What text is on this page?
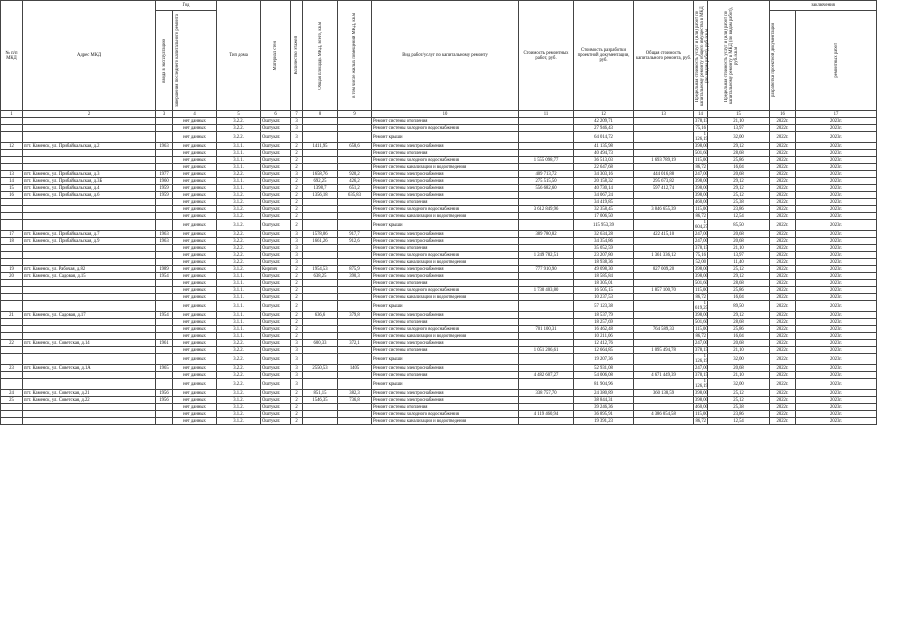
№ п/п МКД	Адрес МКД	Год		Тип дома	Материал стен	Количество этажей	Общая площадь МКД, всего, кв.м	в том числе жилых помещений МКД, кв.м	Вид работ/услуг по капитальному ремонту	Стоимость ремонтных работ, руб.	Стоимость разработки проектной документации, руб.	Общая стоимость капитального ремонта, руб.	Предельная стоимость услуг и (или) работ по капитальному ремонту общего имущества в МКД (по видам работ), руб./кв.м	Предельная стоимость услуг и (или) работ по капитальному ремонту в МКД (по видам работ), руб./кв.м	заключения	

		ввода в эксплуатацию	завершения последнего капитального ремонта												разработки проектной документации	ремонтных работ

1	2	3	4	5	6	7	8	9	10	11	12	13	14	15	16	17
			нет данных	3.2.2.	Оштукат.	3			Ремонт системы отопления		42 209,71		378,15	21,10	2022г.	2023г.
			нет данных	3.2.2.	Оштукат.	3			Ремонт системы холодного водоснабжения		27 946,43		75,16	13,97	2022г.	2023г.
			нет данных	3.2.2.	Оштукат.	3			Ремонт крыши		64 014,72		1 126,19	32,00	2022г.	2023г.
12	пгт. Каменск, ул. Прибайкальская, д.2	1963	нет данных	3.1.1.	Оштукат.	2	1411,95	658,6	Ремонт системы электроснабжения		41 135,98		398,00	29,12	2022г.	2023г.
			нет данных	3.1.1.	Оштукат.	2			Ремонт системы отопления		40 494,73		501,60	28,68	2022г.	2023г.
			нет данных	3.1.1.	Оштукат.	2			Ремонт системы холодного водоснабжения	1 555 098,77	36 513,03	1 693 789,19	115,00	25,86	2022г.	2023г.
			нет данных	3.1.1.	Оштукат.	2			Ремонт системы канализации и водоотведения		22 647,68		86,72	16,04	2022г.	2023г.
13	пгт. Каменск, ул. Прибайкальская, д.3	1977	нет данных	3.2.2.	Оштукат.	3	1658,76	920,2	Ремонт системы электроснабжения	409 713,72	34 303,16	444 016,88	247,00	20,68	2022г.	2023г.
14	пгт. Каменск, ул. Прибайкальская, д.3Б	1960	нет данных	3.1.1.	Оштукат.	2	692,25	426,2	Ремонт системы электроснабжения	275 515,50	20 158,32	295 673,82	398,00	29,12	2022г.	2023г.
15	пгт. Каменск, ул. Прибайкальская, д.4	1959	нет данных	3.1.1.	Оштукат.	2	1398,7	651,2	Ремонт системы электроснабжения	556 682,60	40 730,14	597 412,74	398,00	29,12	2022г.	2023г.
16	пгт. Каменск, ул. Прибайкальская, д.6	1959	нет данных	3.1.2.	Оштукат.	2	1356,18	635,83	Ремонт системы электроснабжения		34 067,24		398,00	25,12	2022г.	2023г.
			нет данных	3.1.2.	Оштукат.	2			Ремонт системы отопления		34 419,85		460,00	25,38	2022г.	2023г.
			нет данных	3.1.2.	Оштукат.	2			Ремонт системы холодного водоснабжения	3 612 849,96	32 358,45	3 846 655,39	115,00	23,86	2022г.	2023г.
			нет данных	3.1.2.	Оштукат.	2			Ремонт системы канализации и водоотведения		17 006,50		86,72	12,54	2022г.	2023г.
			нет данных	3.1.2.	Оштукат.	2			Ремонт крыши		115 953,39		1 604,27	85,50	2022г.	2023г.
17	пгт. Каменск, ул. Прибайкальская, д.7	1963	нет данных	3.2.2.	Оштукат.	3	1578,06	917,7	Ремонт системы электроснабжения	389 780,82	32 634,28	422 415,10	247,00	20,68	2022г.	2023г.
18	пгт. Каменск, ул. Прибайкальская, д.9	1963	нет данных	3.2.2.	Оштукат.	3	1661,26	912,6	Ремонт системы электроснабжения		34 354,86		247,00	20,68	2022г.	2023г.
			нет данных	3.2.2.	Оштукат.	3			Ремонт системы отопления		35 052,59		378,15	21,10	2022г.	2023г.
			нет данных	3.2.2.	Оштукат.	3			Ремонт системы холодного водоснабжения	1 249 782,51	23 207,80	1 361 336,12	75,16	13,97	2022г.	2023г.
			нет данных	3.2.2.	Оштукат.	3			Ремонт системы канализации и водоотведения		18 938,36		52,00	11,40	2022г.	2023г.
19	пгт. Каменск, ул. Рабочая, д.82	1989	нет данных	3.1.2.	Кирпич	2	1954,53	875,9	Ремонт системы электроснабжения	777 910,90	49 098,30	827 009,20	398,00	25,12	2022г.	2023г.
20	пгт. Каменск, ул. Садовая, д.15	1954	нет данных	3.1.1.	Оштукат.	2	638,25	390,3	Ремонт системы электроснабжения		18 585,84		398,00	29,12	2022г.	2023г.
			нет данных	3.1.1.	Оштукат.	2			Ремонт системы отопления		18 305,01		501,60	28,68	2022г.	2023г.
			нет данных	3.1.1.	Оштукат.	2			Ремонт системы холодного водоснабжения	1 730 403,80	16 505,15	1 857 100,70	115,00	25,86	2022г.	2023г.
			нет данных	3.1.1.	Оштукат.	2			Ремонт системы канализации и водоотведения		10 237,53		86,72	16,04	2022г.	2023г.
			нет данных	3.1.1.	Оштукат.	2			Ремонт крыши		57 123,38		1 619,25	89,50	2022г.	2023г.
21	пгт. Каменск, ул. Садовая, д.17	1954	нет данных	3.1.1.	Оштукат.	2	636,6	379,8	Ремонт системы электроснабжения		18 537,79		398,00	29,12	2022г.	2023г.
			нет данных	3.1.1.	Оштукат.	2			Ремонт системы отопления		18 257,69		501,60	28,68	2022г.	2023г.
			нет данных	3.1.1.	Оштукат.	2			Ремонт системы холодного водоснабжения	701 100,31	16 462,48	764 589,33	115,00	25,86	2022г.	2023г.
			нет данных	3.1.1.	Оштукат.	2			Ремонт системы канализации и водоотведения		10 211,06		86,72	16,04	2022г.	2023г.
22	пгт. Каменск, ул. Советская, д.14	1961	нет данных	3.2.2.	Оштукат.	3	600,33	372,1	Ремонт системы электроснабжения		12 412,76		247,00	20,68	2022г.	2023г.
			нет данных	3.2.2.	Оштукат.	3			Ремонт системы отопления	1 051 206,61	12 664,85	1 095 494,78	378,15	21,10	2022г.	2023г.
			нет данных	3.2.2.	Оштукат.	3			Ремонт крыши		19 207,36		1 126,19	32,00	2022г.	2023г.
23	пгт. Каменск, ул. Советская, д.1А	1965	нет данных	3.2.2.	Оштукат.	3	2550,53	1405	Ремонт системы электроснабжения		52 931,08		247,00	20,68	2022г.	2023г.
			нет данных	3.2.2.	Оштукат.	3			Ремонт системы отопления	4 482 607,27	54 006,08	4 671 449,39	378,15	21,10	2022г.	2023г.
			нет данных	3.2.2.	Оштукат.	3			Ремонт крыши		81 904,96		1 126,19	32,00	2022г.	2023г.
24	пгт. Каменск, ул. Советская, д.21	1956	нет данных	3.1.2.	Оштукат.	2	851,15	382,3	Ремонт системы электроснабжения	338 757,70	24 380,89	360 138,59	398,00	25,12	2022г.	2023г.
25	пгт. Каменск, ул. Советская, д.22	1956	нет данных	3.1.2.	Оштукат.	2	1546,35	736,8	Ремонт системы электроснабжения		38 844,31		398,00	25,12	2022г.	2023г.
			нет данных	3.1.2.	Оштукат.	2			Ремонт системы отопления		39 246,36		460,00	25,38	2022г.	2023г.
			нет данных	3.1.2.	Оштукат.	2			Ремонт системы холодного водоснабжения	4 119 460,94	36 895,91	4 386 054,58	115,00	23,86	2022г.	2023г.
			нет данных	3.1.2.	Оштукат.	2			Ремонт системы канализации и водоотведения		19 391,23		86,72	12,54	2022г.	2023г.
